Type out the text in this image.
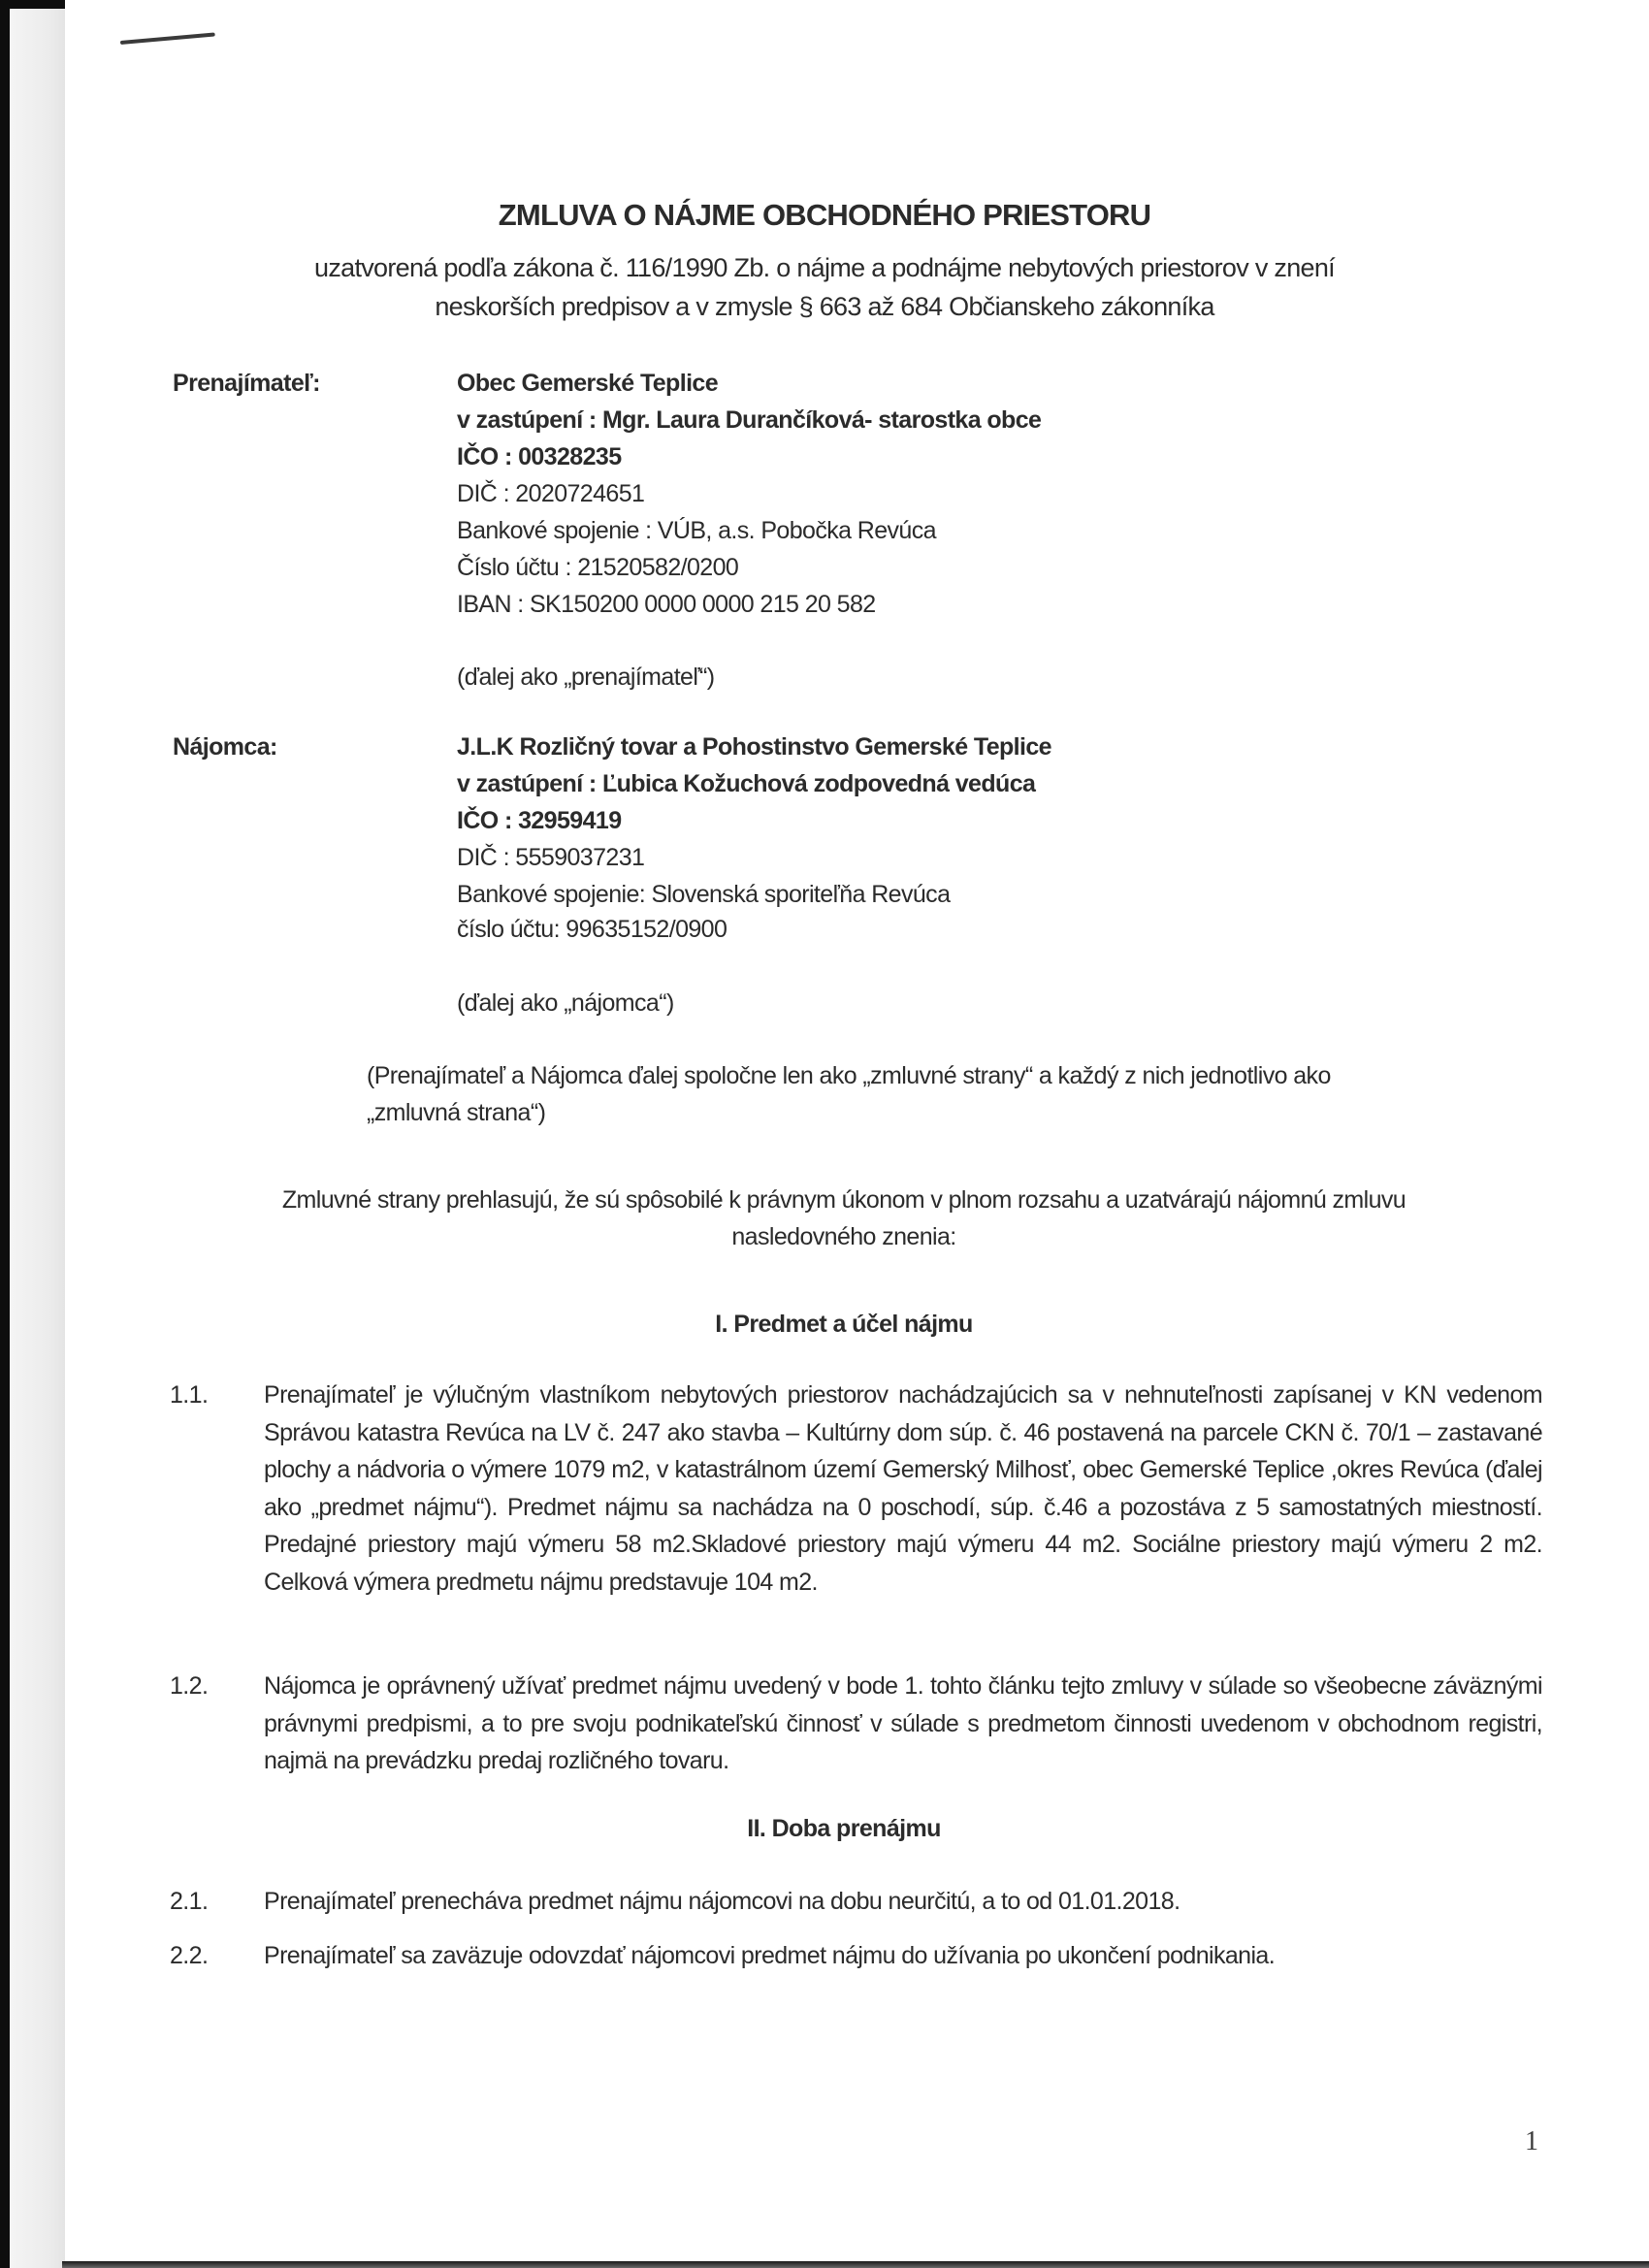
ZMLUVA O NÁJME OBCHODNÉHO PRIESTORU
uzatvorená podľa zákona č. 116/1990 Zb. o nájme a podnájme nebytových priestorov v znení
neskorších predpisov a v zmysle § 663 až 684 Občianskeho zákonníka
Prenajímateľ:	Obec Gemerské Teplice
v zastúpení : Mgr. Laura Durančíková- starostka obce
IČO : 00328235
DIČ : 2020724651
Bankové spojenie : VÚB, a.s. Pobočka Revúca
Číslo účtu : 21520582/0200
IBAN : SK150200 0000 0000 215 20 582
(ďalej ako „prenajímateľ“)
Nájomca:	J.L.K Rozličný tovar a Pohostinstvo Gemerské Teplice
v zastúpení : Ľubica Kožuchová zodpovedná vedúca
IČO : 32959419
DIČ : 5559037231
Bankové spojenie: Slovenská sporiteľňa Revúca
číslo účtu: 99635152/0900
(ďalej ako „nájomca“)
(Prenajímateľ a Nájomca ďalej spoločne len ako „zmluvné strany“ a každý z nich jednotlivo ako
„zmluvná strana“)
Zmluvné strany prehlasujú, že sú spôsobilé k právnym úkonom v plnom rozsahu a uzatvárajú nájomnú zmluvu
nasledovného znenia:
I. Predmet a účel nájmu
1.1. Prenajímateľ je výlučným vlastníkom nebytových priestorov nachádzajúcich sa v nehnuteľnosti zapísanej v KN vedenom Správou katastra Revúca na LV č. 247 ako stavba – Kultúrny dom súp. č. 46 postavená na parcele CKN č. 70/1 – zastavané plochy a nádvoria o výmere 1079 m2, v katastrálnom území Gemerský Milhosť, obec Gemerské Teplice ,okres Revúca (ďalej ako „predmet nájmu“). Predmet nájmu sa nachádza na 0 poschodí, súp. č.46 a pozostáva z 5 samostatných miestností. Predajné priestory majú výmeru 58 m2.Skladové priestory majú výmeru 44 m2. Sociálne priestory majú výmeru 2 m2. Celková výmera predmetu nájmu predstavuje 104 m2.
1.2. Nájomca je oprávnený užívať predmet nájmu uvedený v bode 1. tohto článku tejto zmluvy v súlade so všeobecne záväznými právnymi predpismi, a to pre svoju podnikateľskú činnosť v súlade s predmetom činnosti uvedenom v obchodnom registri, najmä na prevádzku predaj rozličného tovaru.
II. Doba prenájmu
2.1. Prenajímateľ prenecháva predmet nájmu nájomcovi na dobu neurčitú, a to od 01.01.2018.
2.2. Prenajímateľ sa zaväzuje odovzdať nájomcovi predmet nájmu do užívania po ukončení podnikania.
1
